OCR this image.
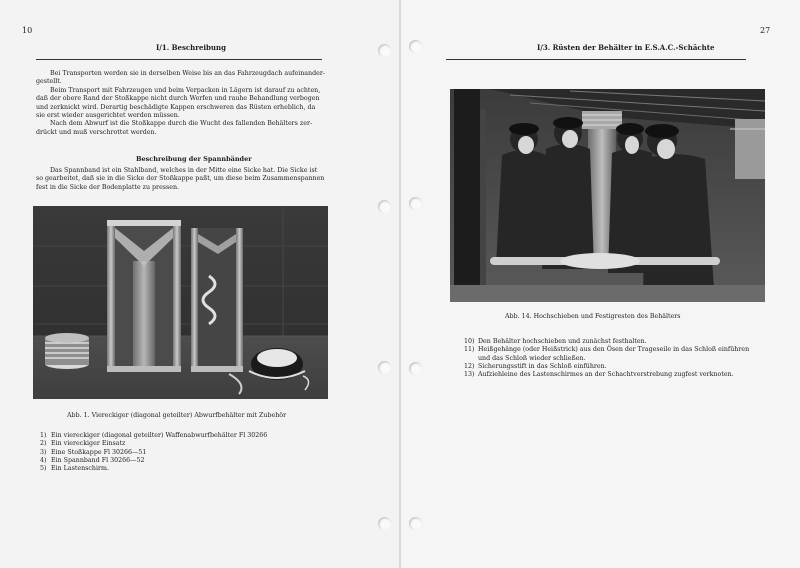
10
I/1. Beschreibung

Bei Transporten werden sie in derselben Weise bis an das Fahrzeugdach aufeinander-

gestellt.

Beim Transport mit Fahrzeugen und beim Verpacken in Lägern ist darauf zu achten,

daß der obere Rand der Stoßkappe nicht durch Werfen und rauhe Behandlung verbogen

und zerknickt wird. Derartig beschädigte Kappen erschweren das Rüsten erheblich, da

sie erst wieder ausgerichtet werden müssen.

Nach dem Abwurf ist die Stoßkappe durch die Wucht des fallenden Behälters zer-

drückt und muß verschrottet werden.

Beschreibung der Spannbänder

Das Spannband ist ein Stahlband, welches in der Mitte eine Sicke hat. Die Sicke ist

so gearbeitet, daß sie in die Sicke der Stoßkappe paßt, um diese beim Zusammenspannen

fest in die Sicke der Bodenplatte zu pressen.

Abb. 1. Viereckiger (diagonal geteilter) Abwurfbehälter mit Zubehör
1) Ein viereckiger (diagonal geteilter) Waffenabwurfbehälter Fl 30266
2) Ein viereckiger Einsatz
3) Eine Stoßkappe Fl 30266—51
4) Ein Spannband Fl 30266—52
5) Ein Lastenschirm.
27
I/3. Rüsten der Behälter in E.S.A.C.-Schächte
Abb. 14. Hochschieben und Festigresten des Behälters
10) Den Behälter hochschieben und zunächst festhalten.
11) Heißgehänge (oder Heißstrick) aus den Ösen der Trageseile in das Schloß einführen
und das Schloß wieder schließen.
12) Sicherungsstift in das Schloß einführen.
13) Aufziehleine des Lastenschirmes an der Schachtverstrebung zugfest verknoten.
